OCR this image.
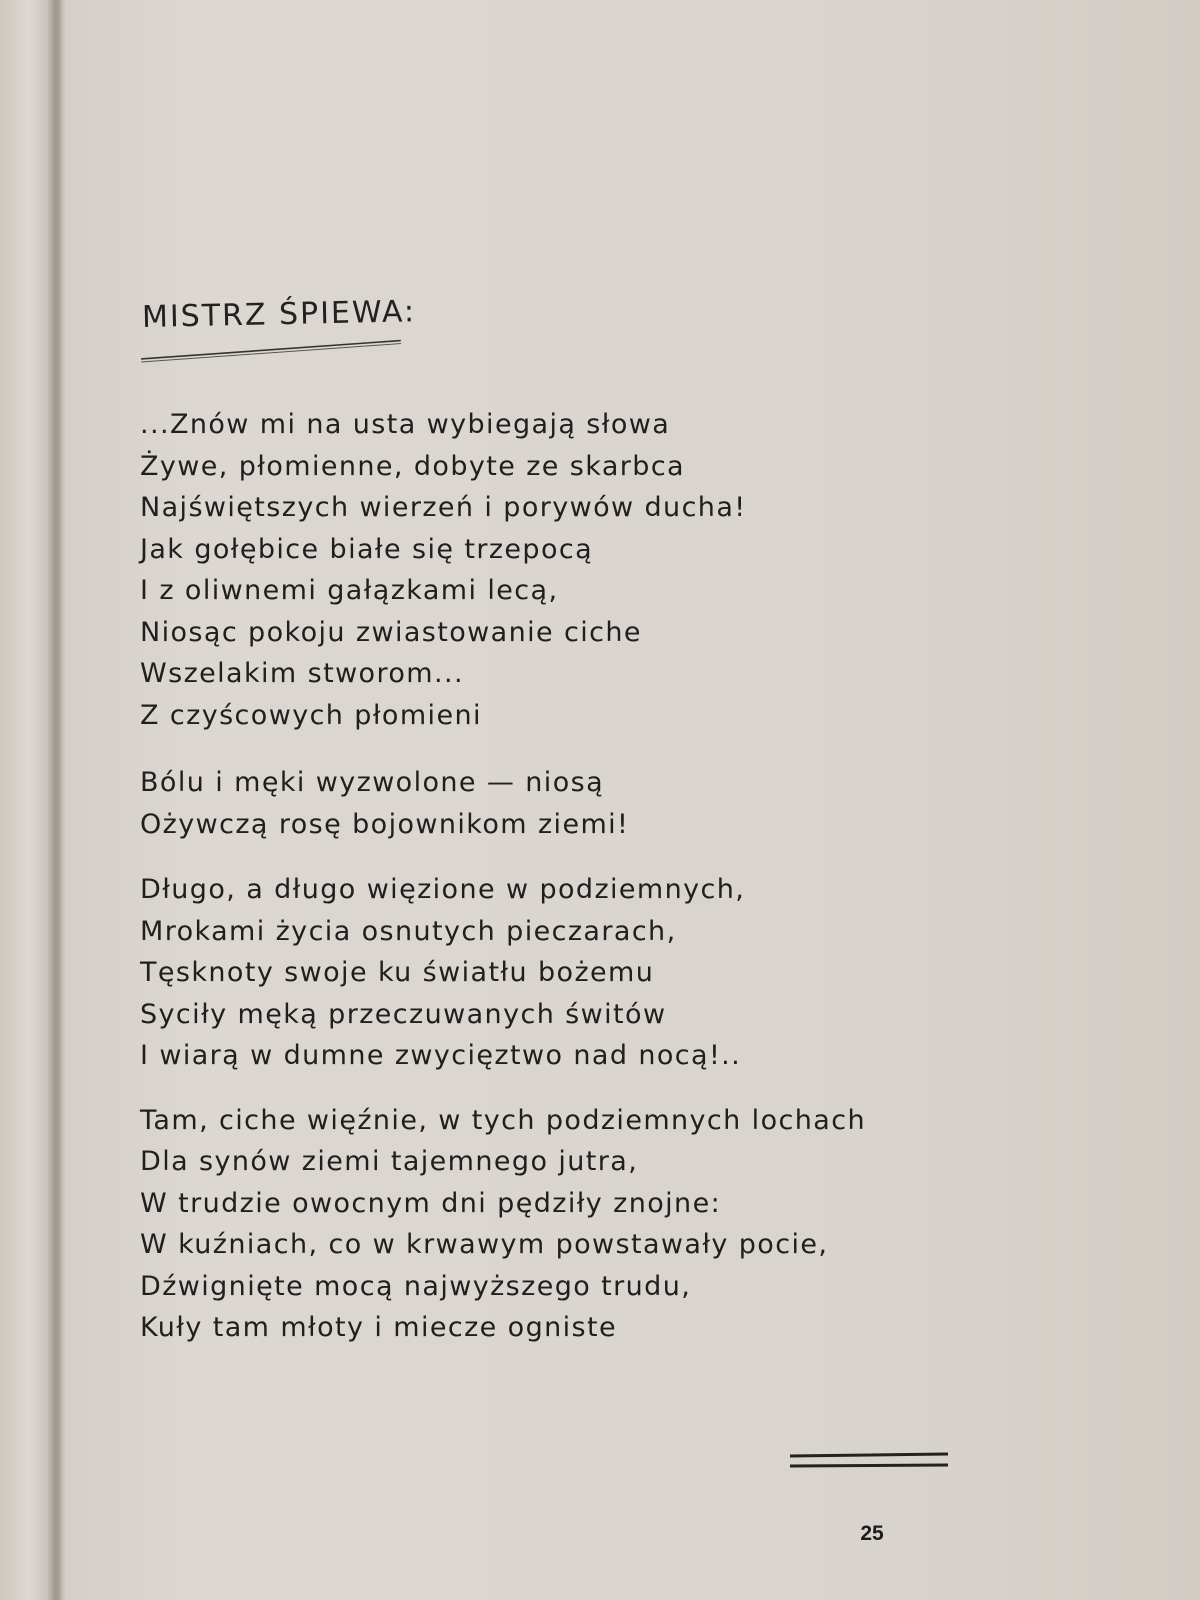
MISTRZ ŚPIEWA:
...Znów mi na usta wybiegają słowa
Żywe, płomienne, dobyte ze skarbca
Najświętszych wierzeń i porywów ducha!
Jak gołębice białe się trzepocą
I z oliwnemi gałązkami lecą,
Niosąc pokoju zwiastowanie ciche
Wszelakim stworom...
Z czyścowych płomieni
Bólu i męki wyzwolone — niosą
Ożywczą rosę bojownikom ziemi!
Długo, a długo więzione w podziemnych,
Mrokami życia osnutych pieczarach,
Tęsknoty swoje ku światłu bożemu
Syciły męką przeczuwanych świtów
I wiarą w dumne zwycięztwo nad nocą!..
Tam, ciche więźnie, w tych podziemnych lochach
Dla synów ziemi tajemnego jutra,
W trudzie owocnym dni pędziły znojne:
W kuźniach, co w krwawym powstawały pocie,
Dźwignięte mocą najwyższego trudu,
Kuły tam młoty i miecze ogniste
25
